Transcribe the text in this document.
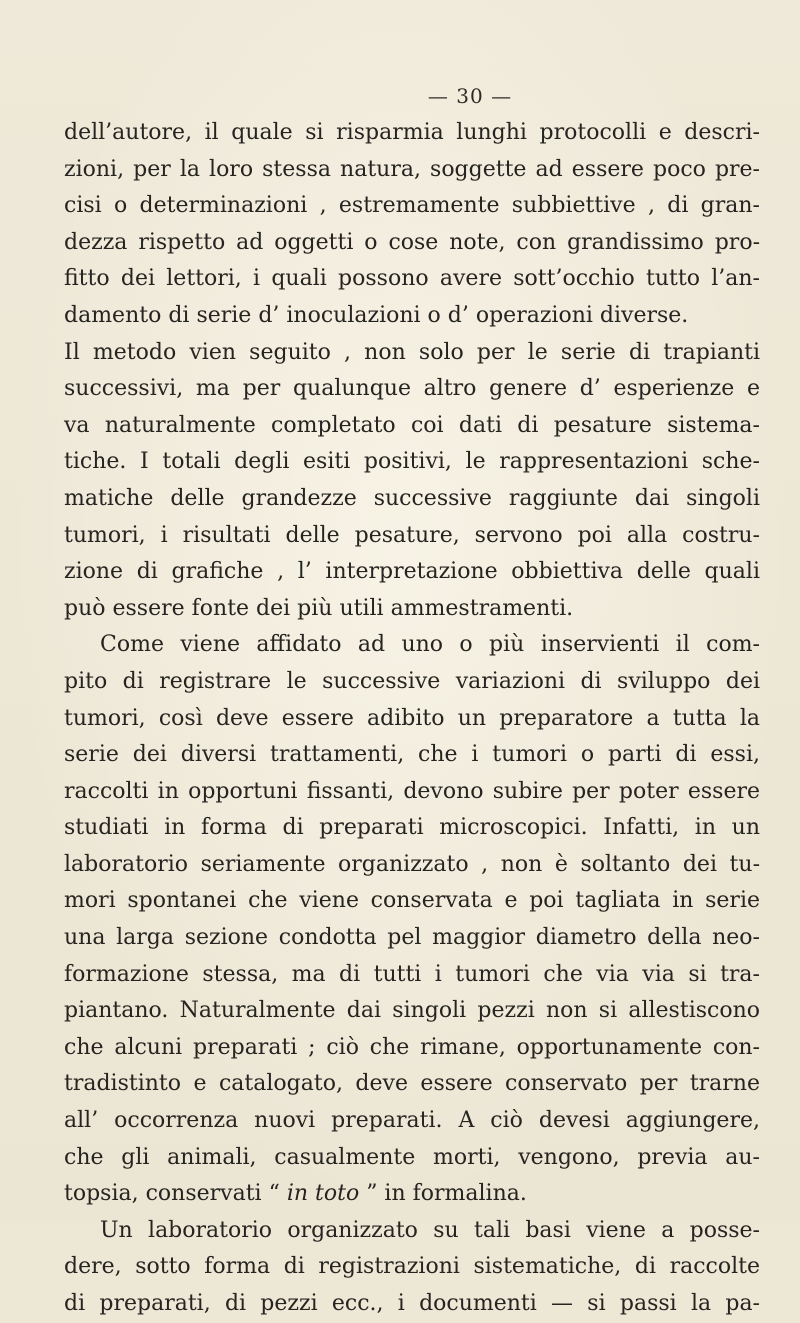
— 30 —
dell’autore, il quale si risparmia lunghi protocolli e descri-
zioni, per la loro stessa natura, soggette ad essere poco pre-
cisi o determinazioni , estremamente subbiettive , di gran-
dezza rispetto ad oggetti o cose note, con grandissimo pro-
fitto dei lettori, i quali possono avere sott’occhio tutto l’an-
damento di serie d’ inoculazioni o d’ operazioni diverse.
Il metodo vien seguito , non solo per le serie di trapianti
successivi, ma per qualunque altro genere d’ esperienze e
va naturalmente completato coi dati di pesature sistema-
tiche. I totali degli esiti positivi, le rappresentazioni sche-
matiche delle grandezze successive raggiunte dai singoli
tumori, i risultati delle pesature, servono poi alla costru-
zione di grafiche , l’ interpretazione obbiettiva delle quali
può essere fonte dei più utili ammestramenti.
Come viene affidato ad uno o più inservienti il com-
pito di registrare le successive variazioni di sviluppo dei
tumori, così deve essere adibito un preparatore a tutta la
serie dei diversi trattamenti, che i tumori o parti di essi,
raccolti in opportuni fissanti, devono subire per poter essere
studiati in forma di preparati microscopici. Infatti, in un
laboratorio seriamente organizzato , non è soltanto dei tu-
mori spontanei che viene conservata e poi tagliata in serie
una larga sezione condotta pel maggior diametro della neo-
formazione stessa, ma di tutti i tumori che via via si tra-
piantano. Naturalmente dai singoli pezzi non si allestiscono
che alcuni preparati ; ciò che rimane, opportunamente con-
tradistinto e catalogato, deve essere conservato per trarne
all’ occorrenza nuovi preparati. A ciò devesi aggiungere,
che gli animali, casualmente morti, vengono, previa au-
topsia, conservati “ in toto ” in formalina.
Un laboratorio organizzato su tali basi viene a posse-
dere, sotto forma di registrazioni sistematiche, di raccolte
di preparati, di pezzi ecc., i documenti — si passi la pa-
